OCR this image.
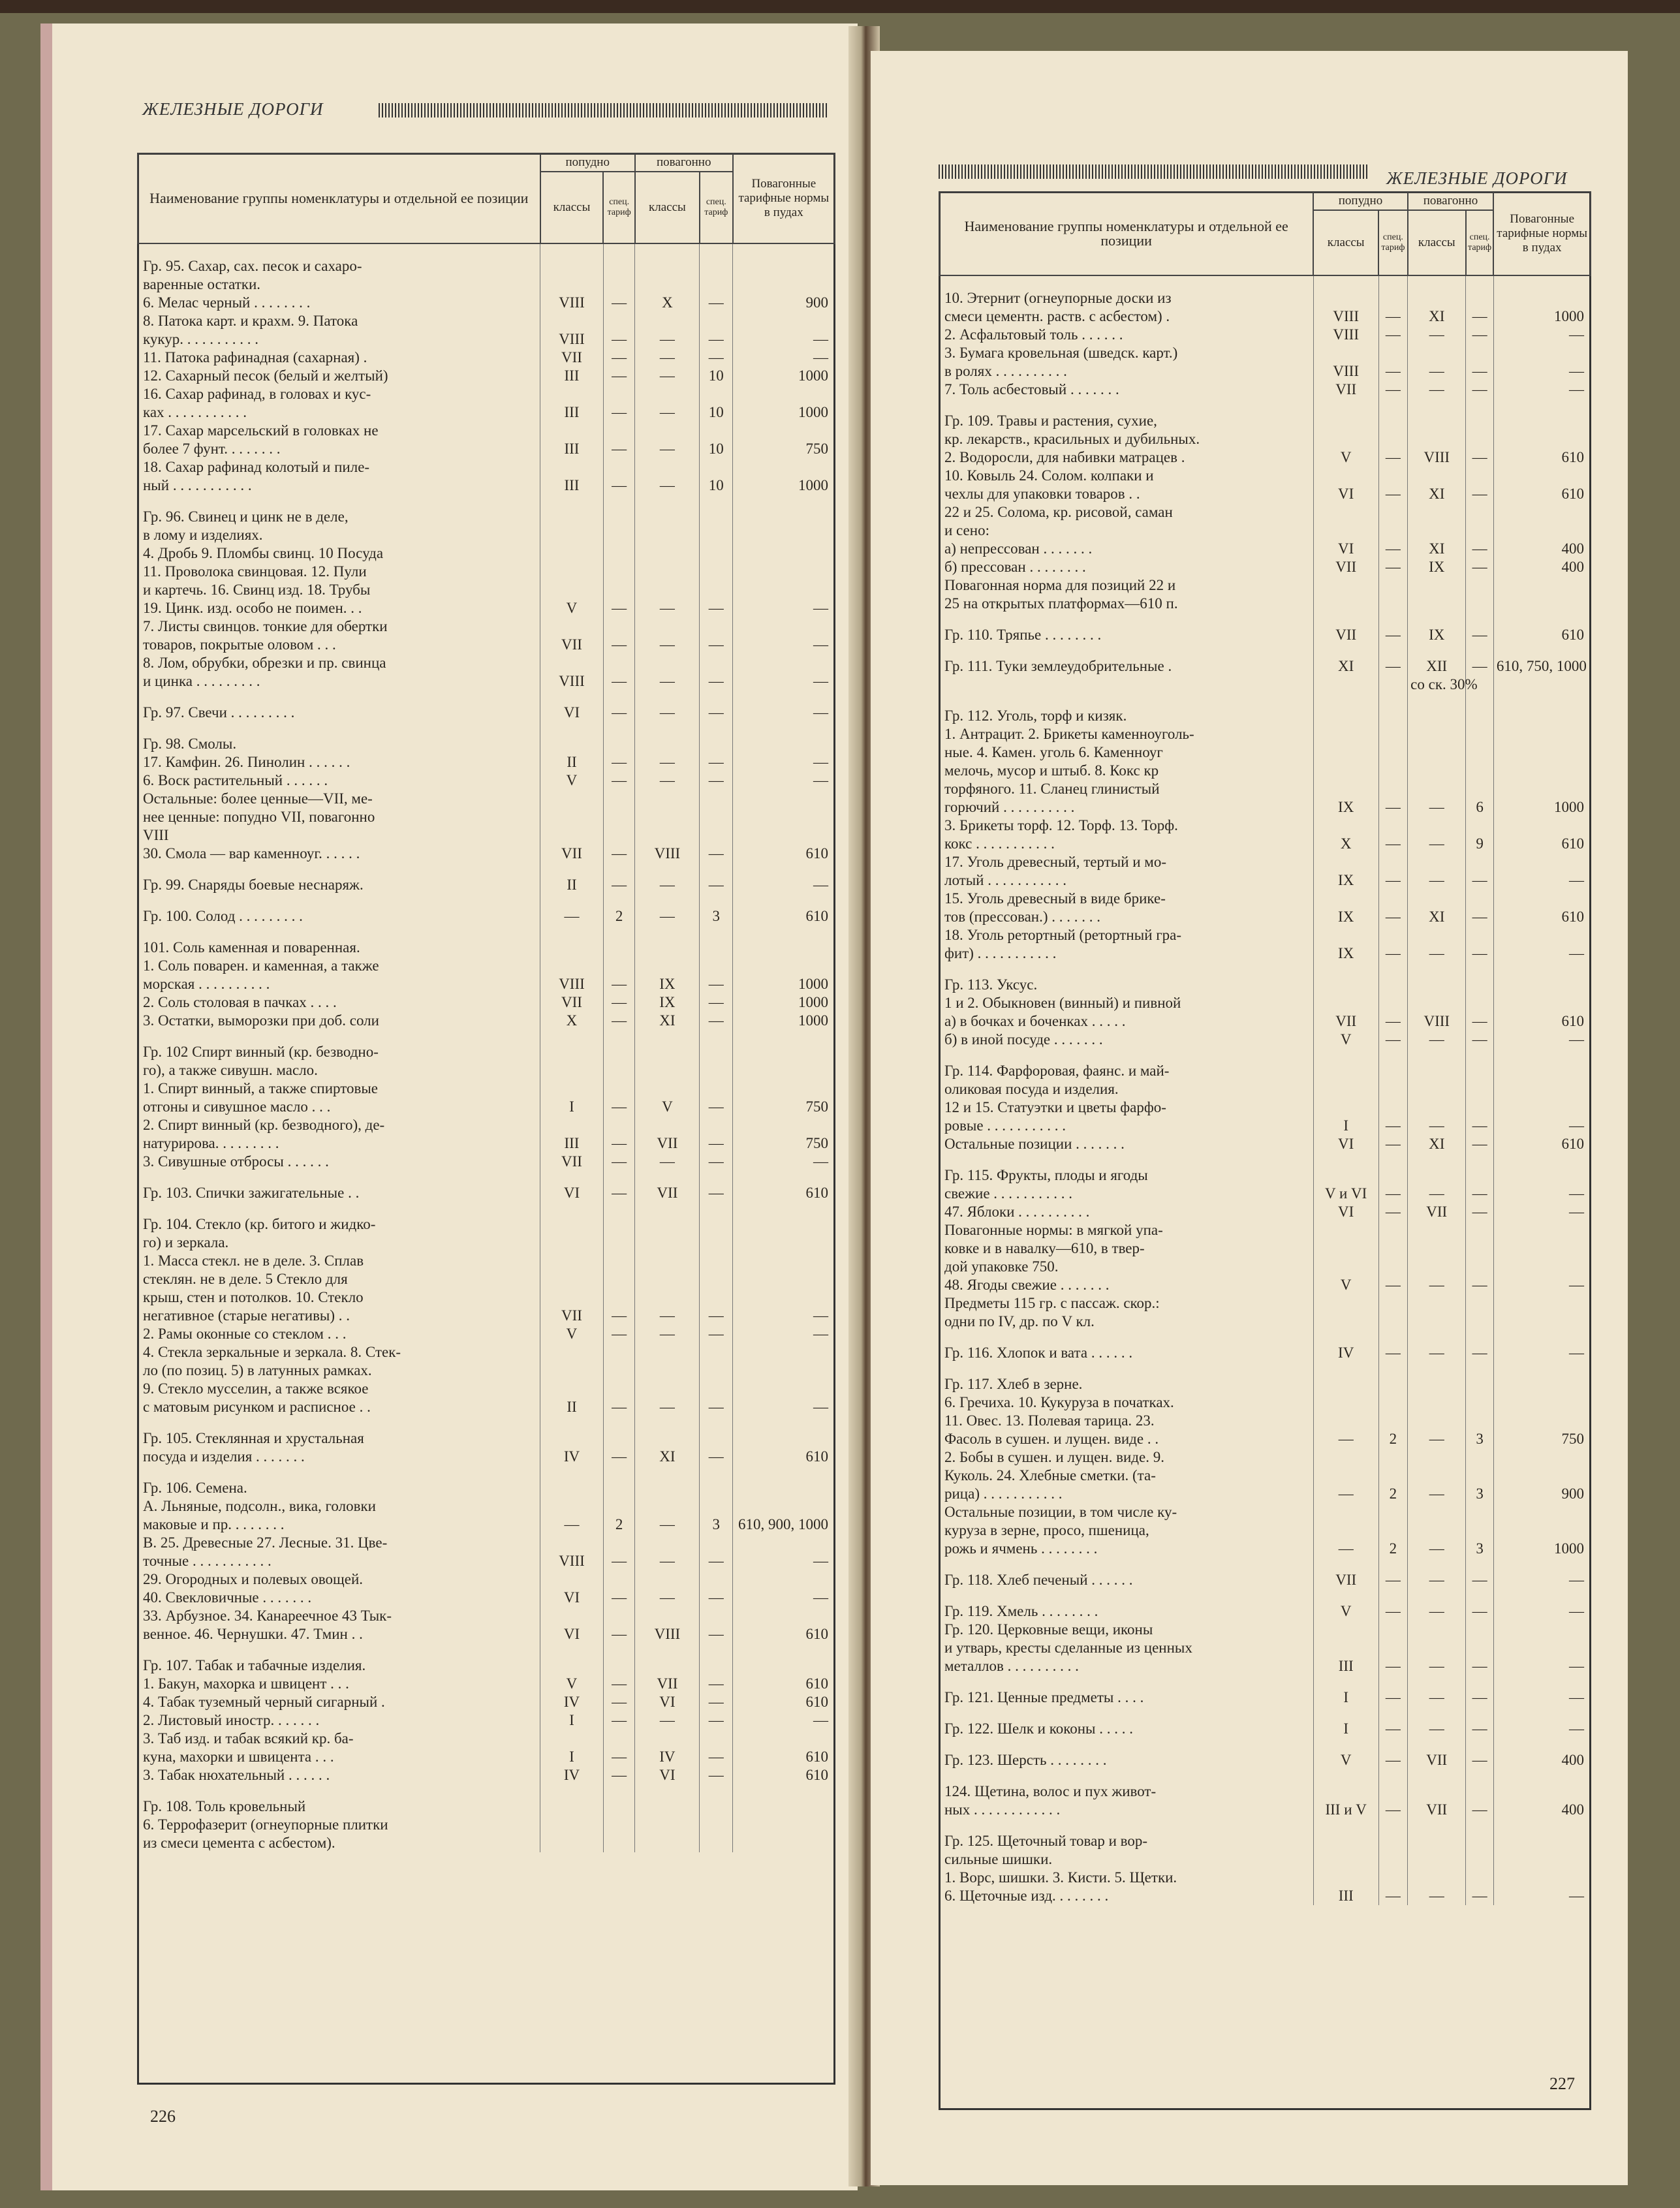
ЖЕЛЕЗНЫЕ ДОРОГИ
Наименование группы номенклатуры и отдельной ее позиции	попудно		повагонно		Повагонные тарифные нормы в пудах
	классы	спец. тариф	классы	спец. тариф	
Гр. 95. Сахар, сах. песок и сахаро-					
варенные остатки.					
6. Мелас черный . . . . . . . .	VIII	—	X	—	900
8. Патока карт. и крахм. 9. Патока					
кукур. . . . . . . . . . .	VIII	—	—	—	—
11. Патока рафинадная (сахарная) .	VII	—	—	—	—
12. Сахарный песок (белый и желтый)	III	—	—	10	1000
16. Сахар рафинад, в головах и кус-					
ках . . . . . . . . . . .	III	—	—	10	1000
17. Сахар марсельский в головках не					
более 7 фунт. . . . . . . .	III	—	—	10	750
18. Сахар рафинад колотый и пиле-					
ный . . . . . . . . . . .	III	—	—	10	1000
Гр. 96. Свинец и цинк не в деле,					
в лому и изделиях.					
4. Дробь 9. Пломбы свинц. 10 Посуда					
11. Проволока свинцовая. 12. Пули					
и картечь. 16. Свинц изд. 18. Трубы					
19. Цинк. изд. особо не поимен. . .	V	—	—	—	—
7. Листы свинцов. тонкие для обертки					
товаров, покрытые оловом . . .	VII	—	—	—	—
8. Лом, обрубки, обрезки и пр. свинца					
и цинка . . . . . . . . .	VIII	—	—	—	—
Гр. 97. Свечи . . . . . . . . .	VI	—	—	—	—
Гр. 98. Смолы.					
17. Камфин. 26. Пинолин . . . . . .	II	—	—	—	—
6. Воск растительный . . . . . .	V	—	—	—	—
Остальные: более ценные—VII, ме-					
нее ценные: попудно VII, повагонно					
VIII					
30. Смола — вар каменноуг. . . . . .	VII	—	VIII	—	610
Гр. 99. Снаряды боевые неснаряж.	II	—	—	—	—
Гр. 100. Солод . . . . . . . . .	—	2	—	3	610
101. Соль каменная и поваренная.					
1. Соль поварен. и каменная, а также					
морская . . . . . . . . . .	VIII	—	IX	—	1000
2. Соль столовая в пачках . . . .	VII	—	IX	—	1000
3. Остатки, выморозки при доб. соли	X	—	XI	—	1000
Гр. 102 Спирт винный (кр. безводно-					
го), а также сивушн. масло.					
1. Спирт винный, а также спиртовые					
отгоны и сивушное масло . . .	I	—	V	—	750
2. Спирт винный (кр. безводного), де-					
натурирова. . . . . . . . .	III	—	VII	—	750
3. Сивушные отбросы . . . . . .	VII	—	—	—	—
Гр. 103. Спички зажигательные . .	VI	—	VII	—	610
Гр. 104. Стекло (кр. битого и жидко-					
го) и зеркала.					
1. Масса стекл. не в деле. 3. Сплав					
стеклян. не в деле. 5 Стекло для					
крыш, стен и потолков. 10. Стекло					
негативное (старые негативы) . .	VII	—	—	—	—
2. Рамы оконные со стеклом . . .	V	—	—	—	—
4. Стекла зеркальные и зеркала. 8. Стек-					
ло (по позиц. 5) в латунных рамках.					
9. Стекло мусселин, а также всякое					
с матовым рисунком и расписное . .	II	—	—	—	—
Гр. 105. Стеклянная и хрустальная					
посуда и изделия . . . . . . .	IV	—	XI	—	610
Гр. 106. Семена.					
А. Льняные, подсолн., вика, головки					
маковые и пр. . . . . . . .	—	2	—	3	610, 900, 1000
В. 25. Древесные 27. Лесные. 31. Цве-					
точные . . . . . . . . . . .	VIII	—	—	—	—
29. Огородных и полевых овощей.					
40. Свекловичные . . . . . . .	VI	—	—	—	—
33. Арбузное. 34. Канареечное 43 Тык-					
венное. 46. Чернушки. 47. Тмин . .	VI	—	VIII	—	610
Гр. 107. Табак и табачные изделия.					
1. Бакун, махорка и швицент . . .	V	—	VII	—	610
4. Табак туземный черный сигарный .	IV	—	VI	—	610
2. Листовый иностр. . . . . . .	I	—	—	—	—
3. Таб изд. и табак всякий кр. ба-					
куна, махорки и швицента . . .	I	—	IV	—	610
3. Табак нюхательный . . . . . .	IV	—	VI	—	610
Гр. 108. Толь кровельный					
6. Террофазерит (огнеупорные плитки					
из смеси цемента с асбестом).					
226
ЖЕЛЕЗНЫЕ ДОРОГИ
Наименование группы номенклатуры и отдельной ее позиции	попудно		повагонно		Повагонные тарифные нормы в пудах
	классы	спец. тариф	классы	спец. тариф	
10. Этернит (огнеупорные доски из					
смеси цементн. раств. с асбестом) .	VIII	—	XI	—	1000
2. Асфальтовый толь . . . . . .	VIII	—	—	—	—
3. Бумага кровельная (шведск. карт.)					
в ролях . . . . . . . . . .	VIII	—	—	—	—
7. Толь асбестовый . . . . . . .	VII	—	—	—	—
Гр. 109. Травы и растения, сухие,					
кр. лекарств., красильных и дубильных.					
2. Водоросли, для набивки матрацев .	V	—	VIII	—	610
10. Ковыль 24. Солом. колпаки и					
чехлы для упаковки товаров . .	VI	—	XI	—	610
22 и 25. Солома, кр. рисовой, саман					
и сено:					
а) непрессован . . . . . . .	VI	—	XI	—	400
б) прессован . . . . . . . .	VII	—	IX	—	400
Повагонная норма для позиций 22 и					
25 на открытых платформах—610 п.					
Гр. 110. Тряпье . . . . . . . .	VII	—	IX	—	610
Гр. 111. Туки землеудобрительные .	XI	—	XII	—	610, 750, 1000
			со ск. 30%		
Гр. 112. Уголь, торф и кизяк.					
1. Антрацит. 2. Брикеты каменноуголь-					
ные. 4. Камен. уголь 6. Каменноуг					
мелочь, мусор и штыб. 8. Кокс кр					
торфяного. 11. Сланец глинистый					
горючий . . . . . . . . . .	IX	—	—	6	1000
3. Брикеты торф. 12. Торф. 13. Торф.					
кокс . . . . . . . . . . .	X	—	—	9	610
17. Уголь древесный, тертый и мо-					
лотый . . . . . . . . . . .	IX	—	—	—	—
15. Уголь древесный в виде брике-					
тов (прессован.) . . . . . . .	IX	—	XI	—	610
18. Уголь ретортный (ретортный гра-					
фит) . . . . . . . . . . .	IX	—	—	—	—
Гр. 113. Уксус.					
1 и 2. Обыкновен (винный) и пивной					
а) в бочках и боченках . . . . .	VII	—	VIII	—	610
б) в иной посуде . . . . . . .	V	—	—	—	—
Гр. 114. Фарфоровая, фаянс. и май-					
оликовая посуда и изделия.					
12 и 15. Статуэтки и цветы фарфо-					
ровые . . . . . . . . . . .	I	—	—	—	—
Остальные позиции . . . . . . .	VI	—	XI	—	610
Гр. 115. Фрукты, плоды и ягоды					
свежие . . . . . . . . . . .	V и VI	—	—	—	—
47. Яблоки . . . . . . . . . .	VI	—	VII	—	—
Повагонные нормы: в мягкой упа-					
ковке и в навалку—610, в твер-					
дой упаковке 750.					
48. Ягоды свежие . . . . . . .	V	—	—	—	—
Предметы 115 гр. с пассаж. скор.:					
одни по IV, др. по V кл.					
Гр. 116. Хлопок и вата . . . . . .	IV	—	—	—	—
Гр. 117. Хлеб в зерне.					
6. Гречиха. 10. Кукуруза в початках.					
11. Овес. 13. Полевая тарица. 23.					
Фасоль в сушен. и лущен. виде . .	—	2	—	3	750
2. Бобы в сушен. и лущен. виде. 9.					
Куколь. 24. Хлебные сметки. (та-					
рица) . . . . . . . . . . .	—	2	—	3	900
Остальные позиции, в том числе ку-					
куруза в зерне, просо, пшеница,					
рожь и ячмень . . . . . . . .	—	2	—	3	1000
Гр. 118. Хлеб печеный . . . . . .	VII	—	—	—	—
Гр. 119. Хмель . . . . . . . .	V	—	—	—	—
Гр. 120. Церковные вещи, иконы					
и утварь, кресты сделанные из ценных					
металлов . . . . . . . . . .	III	—	—	—	—
Гр. 121. Ценные предметы . . . .	I	—	—	—	—
Гр. 122. Шелк и коконы . . . . .	I	—	—	—	—
Гр. 123. Шерсть . . . . . . . .	V	—	VII	—	400
124. Щетина, волос и пух живот-					
ных . . . . . . . . . . . .	III и V	—	VII	—	400
Гр. 125. Щеточный товар и вор-					
сильные шишки.					
1. Ворс, шишки. 3. Кисти. 5. Щетки.					
6. Щеточные изд. . . . . . . .	III	—	—	—	—
227
